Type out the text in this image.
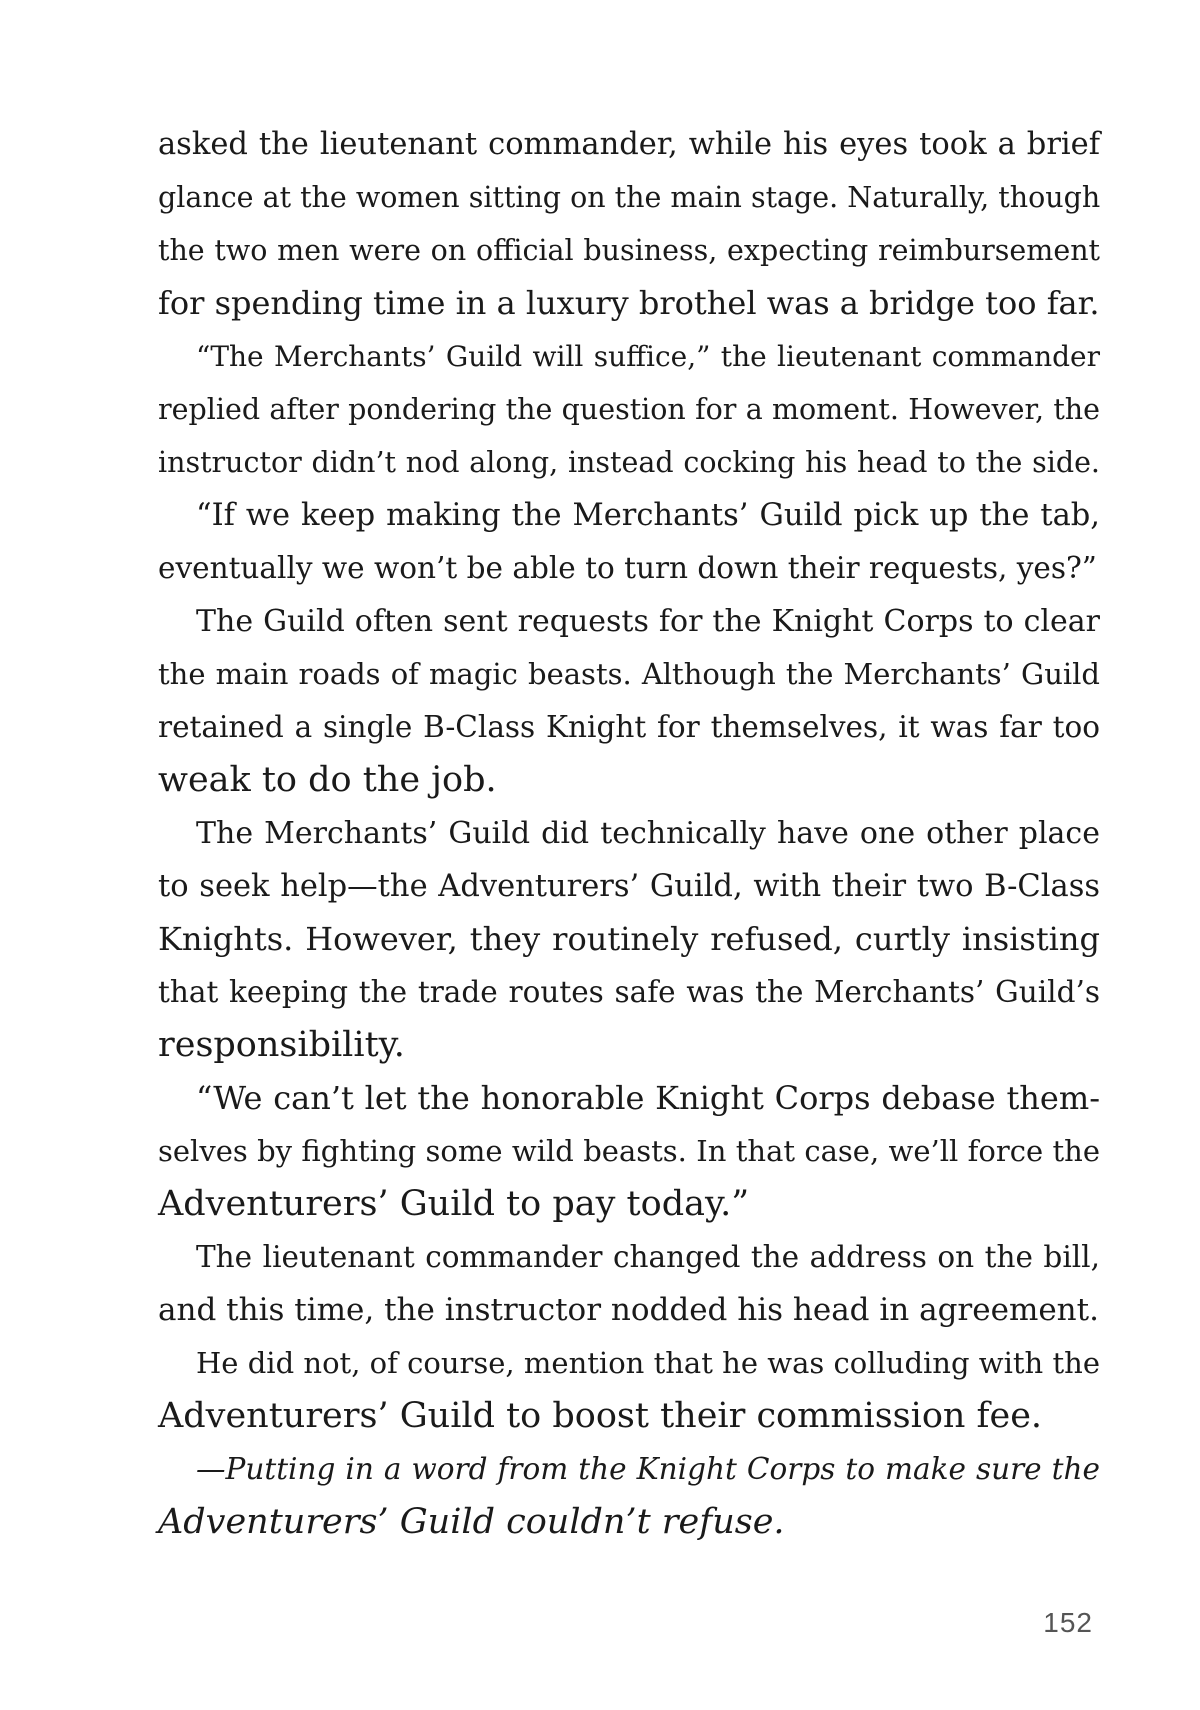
asked the lieutenant commander, while his eyes took a brief
glance at the women sitting on the main stage. Naturally, though
the two men were on official business, expecting reimbursement
for spending time in a luxury brothel was a bridge too far.
“The Merchants’ Guild will suffice,” the lieutenant commander
replied after pondering the question for a moment. However, the
instructor didn’t nod along, instead cocking his head to the side.
“If we keep making the Merchants’ Guild pick up the tab,
eventually we won’t be able to turn down their requests, yes?”
The Guild often sent requests for the Knight Corps to clear
the main roads of magic beasts. Although the Merchants’ Guild
retained a single B-Class Knight for themselves, it was far too
weak to do the job.
The Merchants’ Guild did technically have one other place
to seek help—the Adventurers’ Guild, with their two B-Class
Knights. However, they routinely refused, curtly insisting
that keeping the trade routes safe was the Merchants’ Guild’s
responsibility.
“We can’t let the honorable Knight Corps debase them-
selves by fighting some wild beasts. In that case, we’ll force the
Adventurers’ Guild to pay today.”
The lieutenant commander changed the address on the bill,
and this time, the instructor nodded his head in agreement.
He did not, of course, mention that he was colluding with the
Adventurers’ Guild to boost their commission fee.
—Putting in a word from the Knight Corps to make sure the
Adventurers’ Guild couldn’t refuse.
152
